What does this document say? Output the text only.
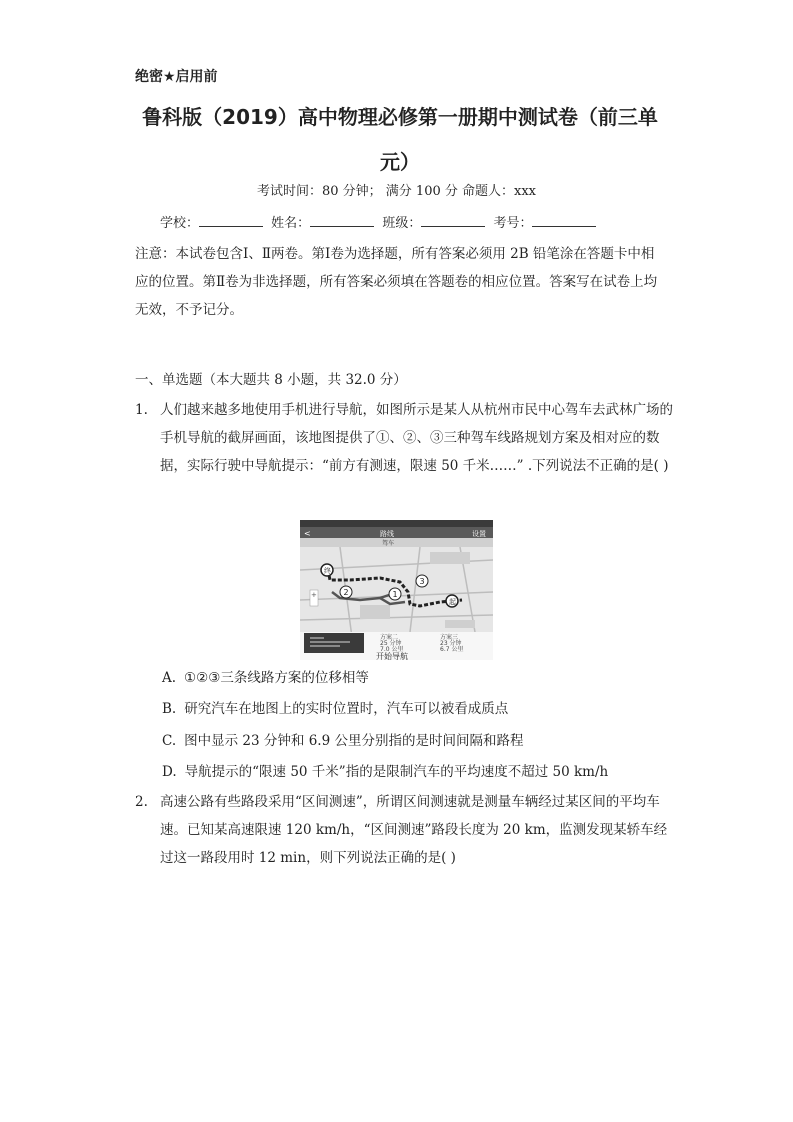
绝密★启用前
鲁科版（2019）高中物理必修第一册期中测试卷（前三单
元）
考试时间：80 分钟； 满分 100 分 命题人：xxx
学校：	姓名：	班级：	考号：
注意：本试卷包含Ⅰ、Ⅱ两卷。第Ⅰ卷为选择题，所有答案必须用 2B 铅笔涂在答题卡中相应的位置。第Ⅱ卷为非选择题，所有答案必须填在答题卷的相应位置。答案写在试卷上均无效，不予记分。
一、单选题（本大题共 8 小题，共 32.0 分）
1. 人们越来越多地使用手机进行导航，如图所示是某人从杭州市民中心驾车去武林广场的手机导航的截屏画面，该地图提供了①、②、③三种驾车线路规划方案及相对应的数据，实际行驶中导航提示：“前方有测速，限速 50 千米……” .下列说法不正确的是( )
<	路线	设置
驾车
终
2	1
3
起
+
方案二
25 分钟
7.0 公里
方案三
23 分钟
6.7 公里
开始导航
A. ①②③三条线路方案的位移相等
B. 研究汽车在地图上的实时位置时，汽车可以被看成质点
C. 图中显示 23 分钟和 6.9 公里分别指的是时间间隔和路程
D. 导航提示的“限速 50 千米”指的是限制汽车的平均速度不超过 50 km/h
2. 高速公路有些路段采用“区间测速”，所谓区间测速就是测量车辆经过某区间的平均车速。已知某高速限速 120 km/h，“区间测速”路段长度为 20 km，监测发现某轿车经过这一路段用时 12 min，则下列说法正确的是( )
